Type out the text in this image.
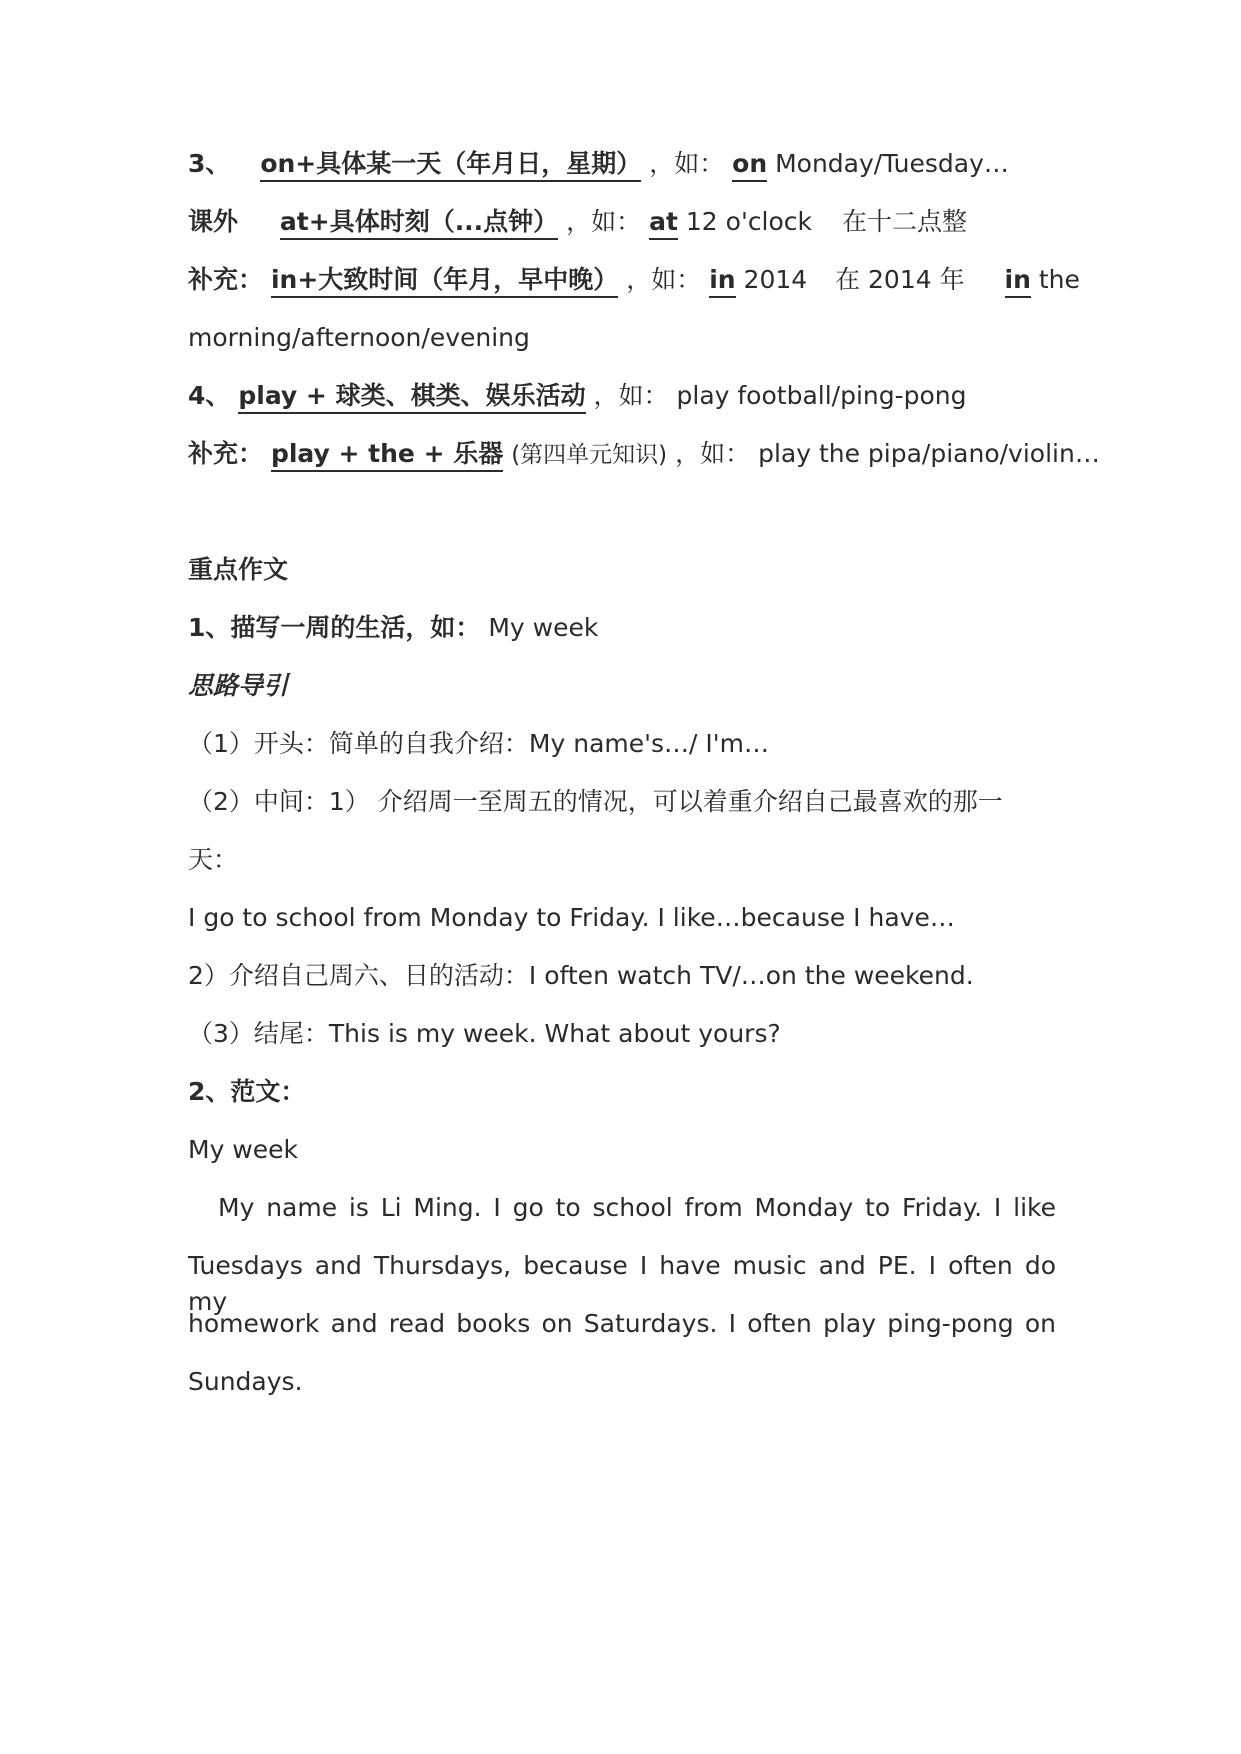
3、 on+具体某一天（年月日，星期） ，如： on Monday/Tuesday…
课外 at+具体时刻（...点钟） ，如： at 12 o'clock 在十二点整
补充： in+大致时间（年月，早中晚） ，如： in 2014 在 2014 年 in the
morning/afternoon/evening
4、 play + 球类、棋类、娱乐活动 ，如： play football/ping-pong
补充： play + the + 乐器 (第四单元知识) ，如： play the pipa/piano/violin…
重点作文
1、描写一周的生活，如： My week
思路导引
（1）开头：简单的自我介绍：My name's…/ I'm…
（2）中间：1） 介绍周一至周五的情况，可以着重介绍自己最喜欢的那一
天：
I go to school from Monday to Friday. I like…because I have…
2）介绍自己周六、日的活动：I often watch TV/…on the weekend.
（3）结尾：This is my week. What about yours?
2、范文：
My week
My name is Li Ming. I go to school from Monday to Friday. I like
Tuesdays and Thursdays, because I have music and PE. I often do my
homework and read books on Saturdays. I often play ping-pong on
Sundays.
